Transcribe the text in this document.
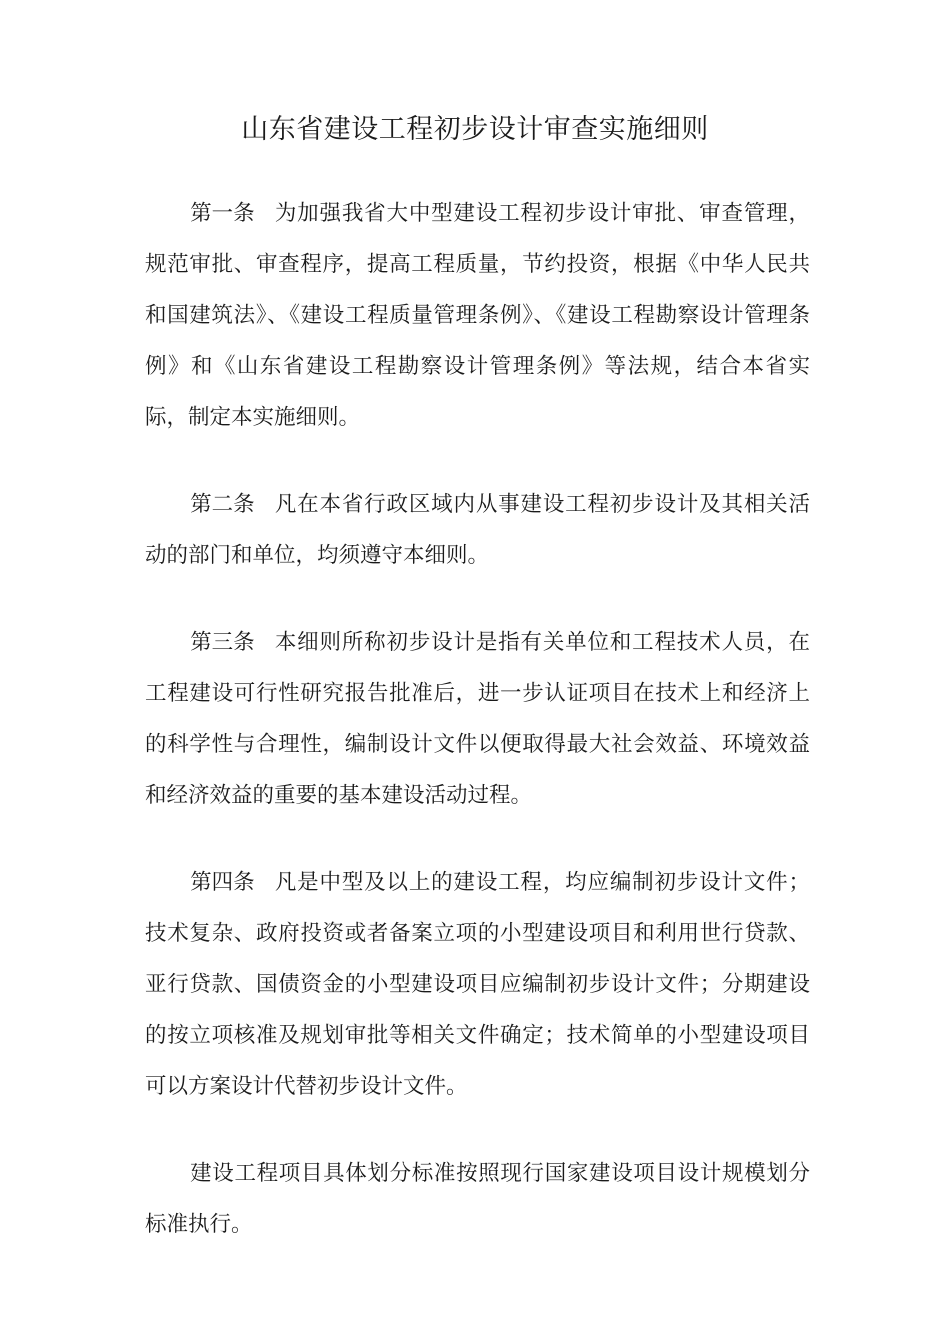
山东省建设工程初步设计审查实施细则

第一条 为加强我省大中型建设工程初步设计审批、审查管理，规范审批、审查程序，提高工程质量，节约投资，根据《中华人民共和国建筑法》、《建设工程质量管理条例》、《建设工程勘察设计管理条例》和《山东省建设工程勘察设计管理条例》等法规，结合本省实际，制定本实施细则。

第二条 凡在本省行政区域内从事建设工程初步设计及其相关活动的部门和单位，均须遵守本细则。

第三条 本细则所称初步设计是指有关单位和工程技术人员，在工程建设可行性研究报告批准后，进一步认证项目在技术上和经济上的科学性与合理性，编制设计文件以便取得最大社会效益、环境效益和经济效益的重要的基本建设活动过程。

第四条 凡是中型及以上的建设工程，均应编制初步设计文件；技术复杂、政府投资或者备案立项的小型建设项目和利用世行贷款、亚行贷款、国债资金的小型建设项目应编制初步设计文件；分期建设的按立项核准及规划审批等相关文件确定；技术简单的小型建设项目可以方案设计代替初步设计文件。

建设工程项目具体划分标准按照现行国家建设项目设计规模划分标准执行。
